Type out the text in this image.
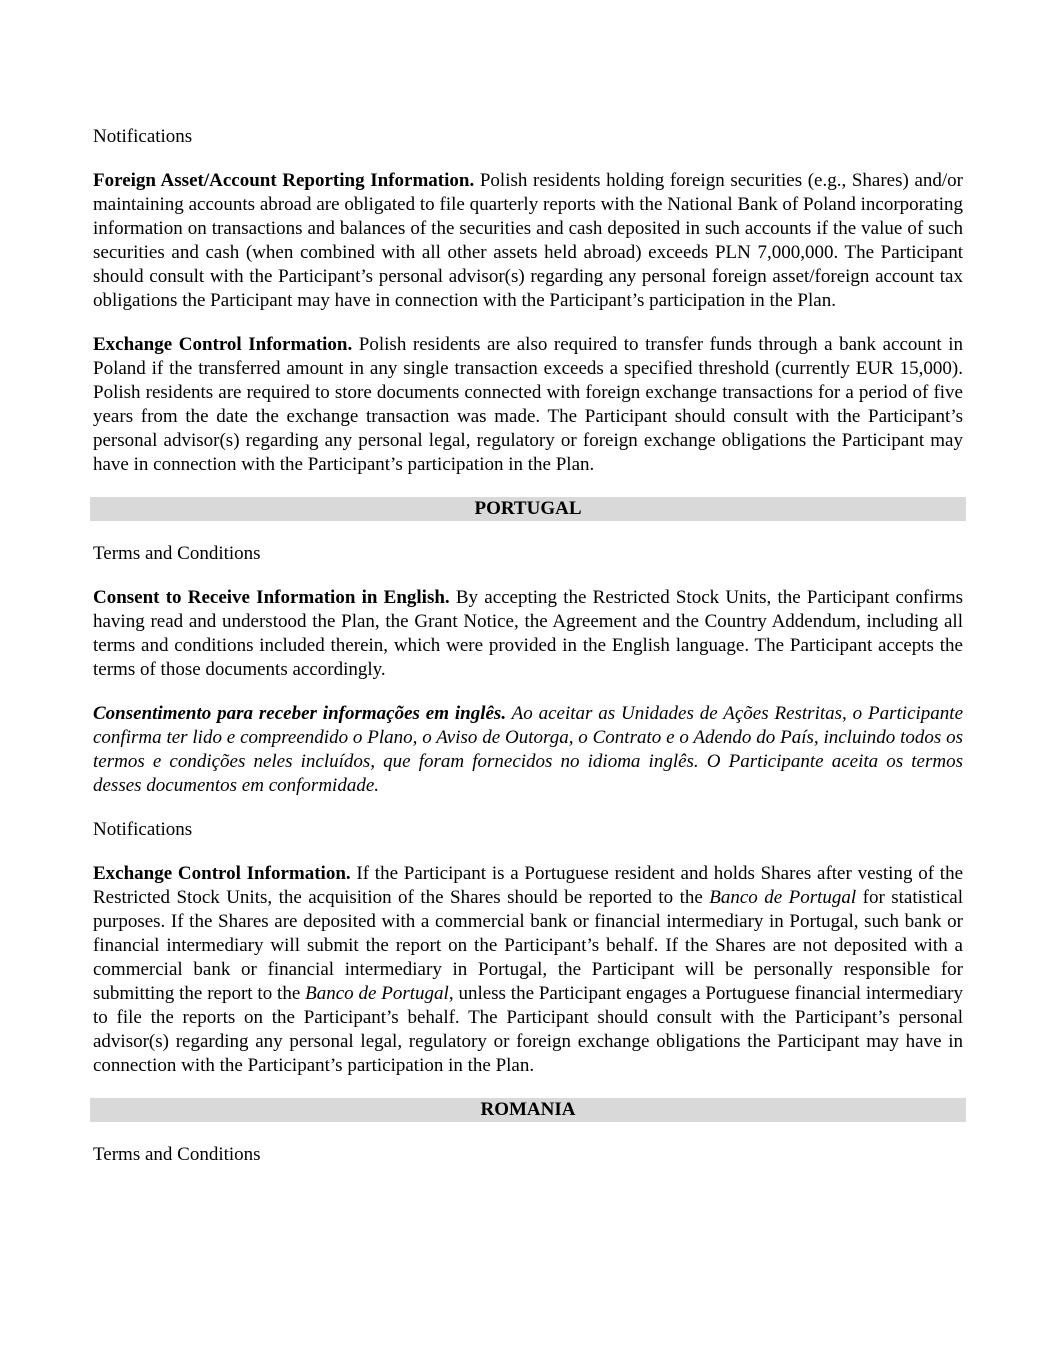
Notifications

Foreign Asset/Account Reporting Information. Polish residents holding foreign securities (e.g., Shares) and/or maintaining accounts abroad are obligated to file quarterly reports with the National Bank of Poland incorporating information on transactions and balances of the securities and cash deposited in such accounts if the value of such securities and cash (when combined with all other assets held abroad) exceeds PLN 7,000,000. The Participant should consult with the Participant’s personal advisor(s) regarding any personal foreign asset/foreign account tax obligations the Participant may have in connection with the Participant’s participation in the Plan.

Exchange Control Information. Polish residents are also required to transfer funds through a bank account in Poland if the transferred amount in any single transaction exceeds a specified threshold (currently EUR 15,000). Polish residents are required to store documents connected with foreign exchange transactions for a period of five years from the date the exchange transaction was made. The Participant should consult with the Participant’s personal advisor(s) regarding any personal legal, regulatory or foreign exchange obligations the Participant may have in connection with the Participant’s participation in the Plan.

PORTUGAL
Terms and Conditions

Consent to Receive Information in English. By accepting the Restricted Stock Units, the Participant confirms having read and understood the Plan, the Grant Notice, the Agreement and the Country Addendum, including all terms and conditions included therein, which were provided in the English language. The Participant accepts the terms of those documents accordingly.

Consentimento para receber informações em inglês. Ao aceitar as Unidades de Ações Restritas, o Participante confirma ter lido e compreendido o Plano, o Aviso de Outorga, o Contrato e o Adendo do País, incluindo todos os termos e condições neles incluídos, que foram fornecidos no idioma inglês. O Participante aceita os termos desses documentos em conformidade.

Notifications

Exchange Control Information. If the Participant is a Portuguese resident and holds Shares after vesting of the Restricted Stock Units, the acquisition of the Shares should be reported to the Banco de Portugal for statistical purposes. If the Shares are deposited with a commercial bank or financial intermediary in Portugal, such bank or financial intermediary will submit the report on the Participant’s behalf. If the Shares are not deposited with a commercial bank or financial intermediary in Portugal, the Participant will be personally responsible for submitting the report to the Banco de Portugal, unless the Participant engages a Portuguese financial intermediary to file the reports on the Participant’s behalf. The Participant should consult with the Participant’s personal advisor(s) regarding any personal legal, regulatory or foreign exchange obligations the Participant may have in connection with the Participant’s participation in the Plan.

ROMANIA
Terms and Conditions
